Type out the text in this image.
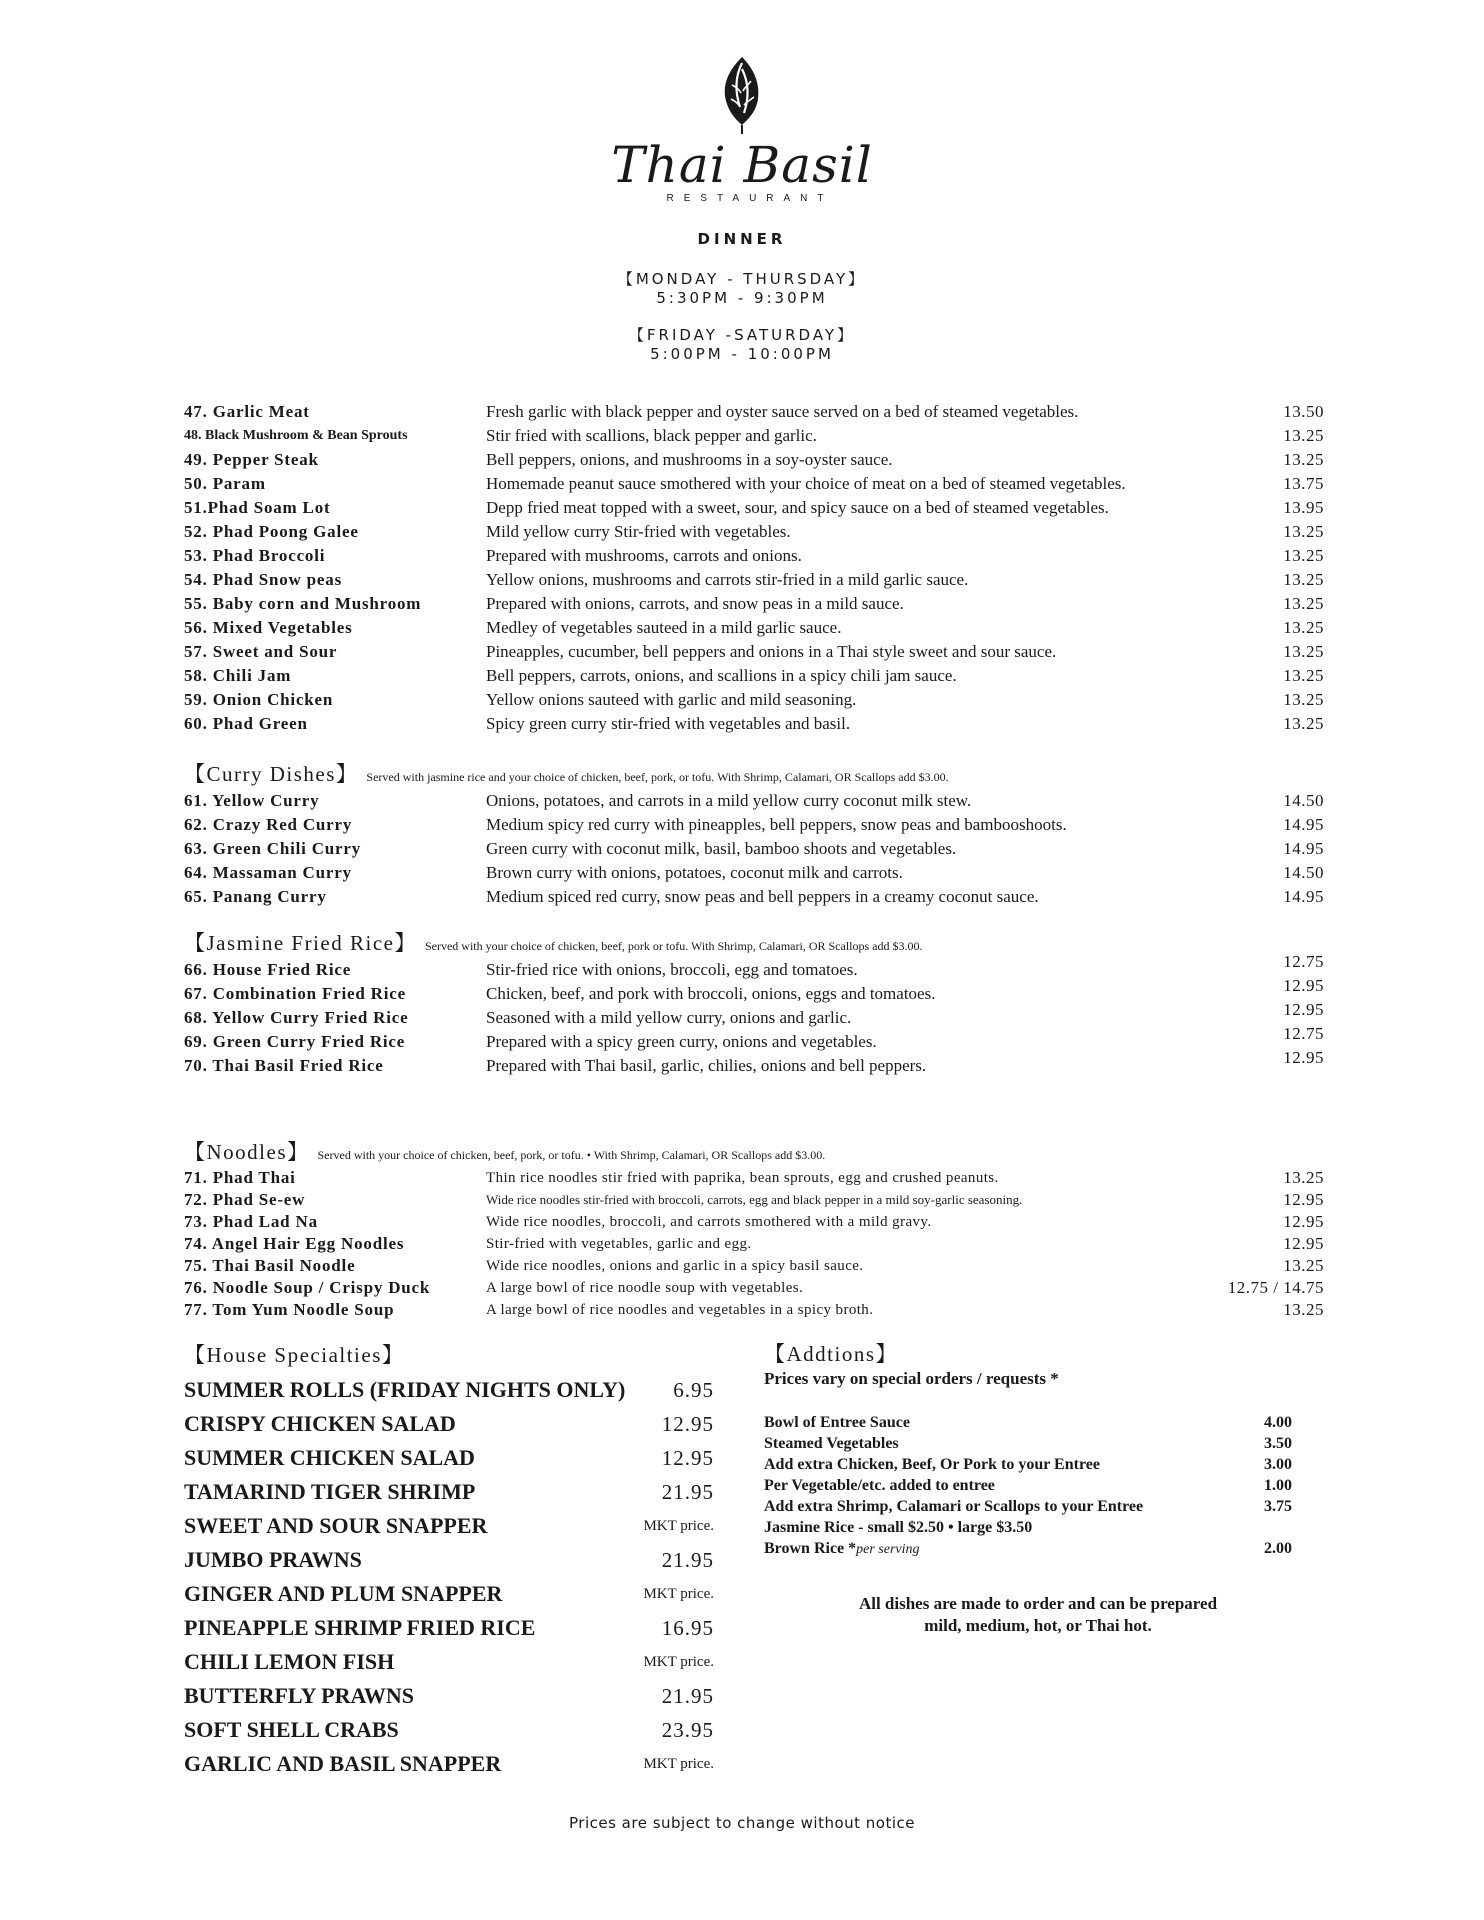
Thai Basil
RESTAURANT
DINNER
【MONDAY - THURSDAY】
5:30PM - 9:30PM
【FRIDAY -SATURDAY】
5:00PM - 10:00PM
47. Garlic Meat	Fresh garlic with black pepper and oyster sauce served on a bed of steamed vegetables.	13.50
48. Black Mushroom & Bean Sprouts	Stir fried with scallions, black pepper and garlic.	13.25
49. Pepper Steak	Bell peppers, onions, and mushrooms in a soy-oyster sauce.	13.25
50. Param	Homemade peanut sauce smothered with your choice of meat on a bed of steamed vegetables.	13.75
51.Phad Soam Lot	Depp fried meat topped with a sweet, sour, and spicy sauce on a bed of steamed vegetables.	13.95
52. Phad Poong Galee	Mild yellow curry Stir-fried with vegetables.	13.25
53. Phad Broccoli	Prepared with mushrooms, carrots and onions.	13.25
54. Phad Snow peas	Yellow onions, mushrooms and carrots stir-fried in a mild garlic sauce.	13.25
55. Baby corn and Mushroom	Prepared with onions, carrots, and snow peas in a mild sauce.	13.25
56. Mixed Vegetables	Medley of vegetables sauteed in a mild garlic sauce.	13.25
57. Sweet and Sour	Pineapples, cucumber, bell peppers and onions in a Thai style sweet and sour sauce.	13.25
58. Chili Jam	Bell peppers, carrots, onions, and scallions in a spicy chili jam sauce.	13.25
59. Onion Chicken	Yellow onions sauteed with garlic and mild seasoning.	13.25
60. Phad Green	Spicy green curry stir-fried with vegetables and basil.	13.25
【Curry Dishes】 Served with jasmine rice and your choice of chicken, beef, pork, or tofu. With Shrimp, Calamari, OR Scallops add $3.00.
61. Yellow Curry	Onions, potatoes, and carrots in a mild yellow curry coconut milk stew.	14.50
62. Crazy Red Curry	Medium spicy red curry with pineapples, bell peppers, snow peas and bambooshoots.	14.95
63. Green Chili Curry	Green curry with coconut milk, basil, bamboo shoots and vegetables.	14.95
64. Massaman Curry	Brown curry with onions, potatoes, coconut milk and carrots.	14.50
65. Panang Curry	Medium spiced red curry, snow peas and bell peppers in a creamy coconut sauce.	14.95
【Jasmine Fried Rice】 Served with your choice of chicken, beef, pork or tofu. With Shrimp, Calamari, OR Scallops add $3.00.
66. House Fried Rice	Stir-fried rice with onions, broccoli, egg and tomatoes.	12.75
67. Combination Fried Rice	Chicken, beef, and pork with broccoli, onions, eggs and tomatoes.	12.95
68. Yellow Curry Fried Rice	Seasoned with a mild yellow curry, onions and garlic.	12.95
69. Green Curry Fried Rice	Prepared with a spicy green curry, onions and vegetables.	12.75
70. Thai Basil Fried Rice	Prepared with Thai basil, garlic, chilies, onions and bell peppers.	12.95
【Noodles】 Served with your choice of chicken, beef, pork, or tofu. • With Shrimp, Calamari, OR Scallops add $3.00.
71. Phad Thai	Thin rice noodles stir fried with paprika, bean sprouts, egg and crushed peanuts.	13.25
72. Phad Se-ew	Wide rice noodles stir-fried with broccoli, carrots, egg and black pepper in a mild soy-garlic seasoning.	12.95
73. Phad Lad Na	Wide rice noodles, broccoli, and carrots smothered with a mild gravy.	12.95
74. Angel Hair Egg Noodles	Stir-fried with vegetables, garlic and egg.	12.95
75. Thai Basil Noodle	Wide rice noodles, onions and garlic in a spicy basil sauce.	13.25
76. Noodle Soup / Crispy Duck	A large bowl of rice noodle soup with vegetables.	12.75 / 14.75
77. Tom Yum Noodle Soup	A large bowl of rice noodles and vegetables in a spicy broth.	13.25
【House Specialties】
SUMMER ROLLS (FRIDAY NIGHTS ONLY) 6.95
CRISPY CHICKEN SALAD	12.95
SUMMER CHICKEN SALAD	12.95
TAMARIND TIGER SHRIMP	21.95
SWEET AND SOUR SNAPPER	MKT price.
JUMBO PRAWNS	21.95
GINGER AND PLUM SNAPPER	MKT price.
PINEAPPLE SHRIMP FRIED RICE	16.95
CHILI LEMON FISH	MKT price.
BUTTERFLY PRAWNS	21.95
SOFT SHELL CRABS	23.95
GARLIC AND BASIL SNAPPER	MKT price.
【Addtions】
Prices vary on special orders / requests *
Bowl of Entree Sauce	4.00
Steamed Vegetables	3.50
Add extra Chicken, Beef, Or Pork to your Entree	3.00
Per Vegetable/etc. added to entree	1.00
Add extra Shrimp, Calamari or Scallops to your Entree	3.75
Jasmine Rice - small $2.50 • large $3.50
Brown Rice *per serving	2.00
All dishes are made to order and can be prepared
mild, medium, hot, or Thai hot.
Prices are subject to change without notice
